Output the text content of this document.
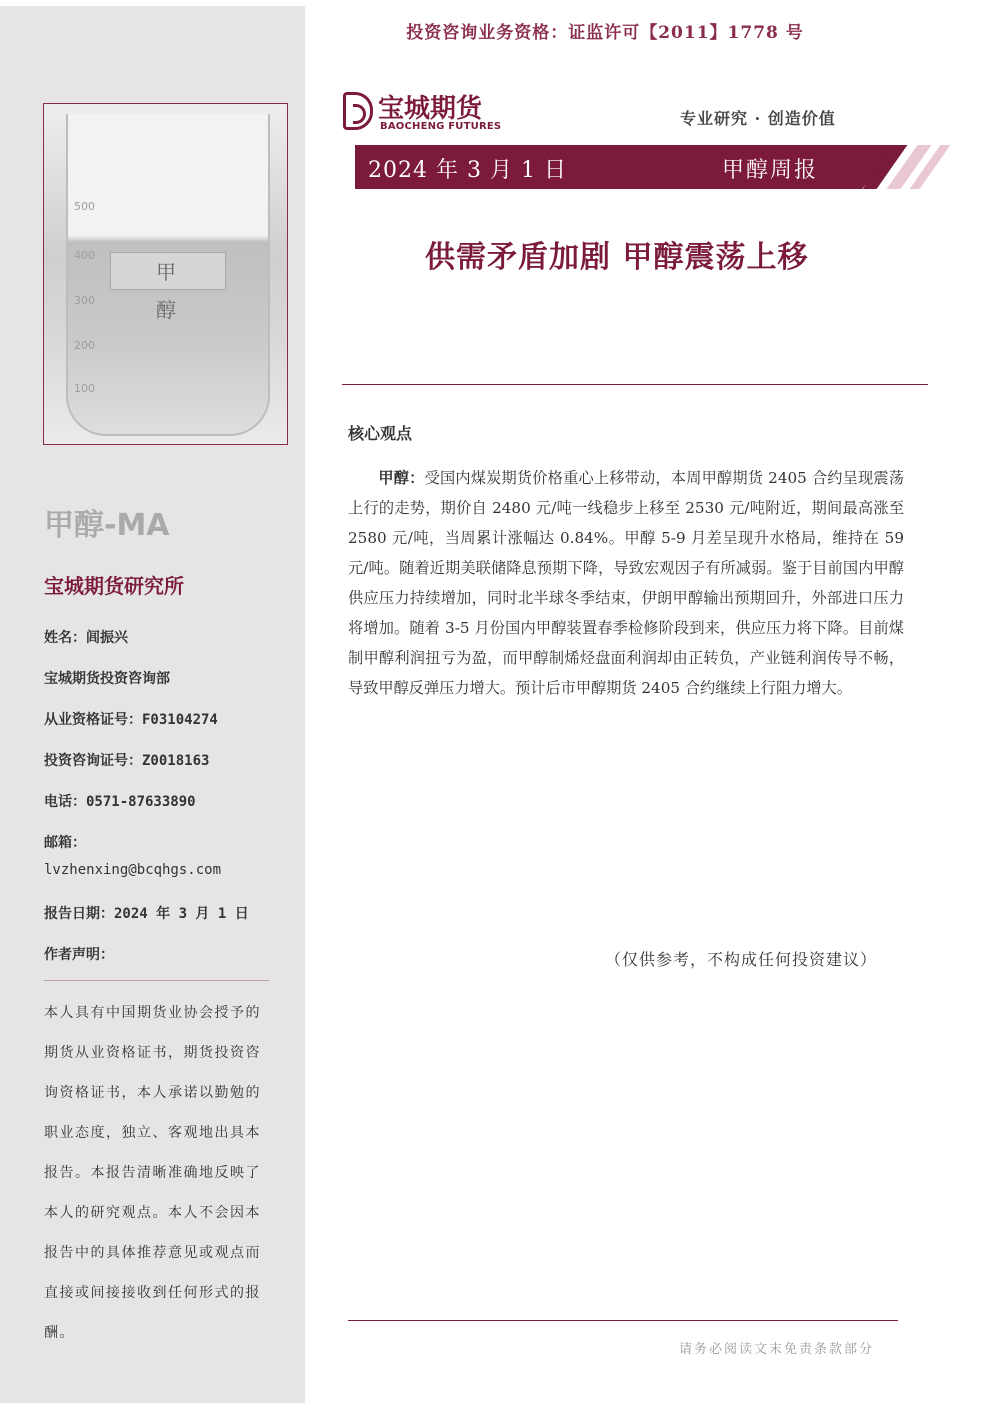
500
400
300
200
100
甲 醇
甲醇-MA
宝城期货研究所
姓名：闾振兴
宝城期货投资咨询部
从业资格证号：F03104274
投资咨询证号：Z0018163
电话：0571-87633890
邮箱：
lvzhenxing@bcqhgs.com
报告日期：2024 年 3 月 1 日
作者声明：
本人具有中国期货业协会授予的期货从业资格证书，期货投资咨询资格证书，本人承诺以勤勉的职业态度，独立、客观地出具本报告。本报告清晰准确地反映了本人的研究观点。本人不会因本报告中的具体推荐意见或观点而直接或间接接收到任何形式的报酬。
投资咨询业务资格：证监许可【2011】1778 号
宝城期货
BAOCHENG FUTURES	专业研究 · 创造价值
2024 年 3 月 1 日	甲醇周报
供需矛盾加剧 甲醇震荡上移
核心观点
甲醇：受国内煤炭期货价格重心上移带动，本周甲醇期货 2405 合约呈现震荡上行的走势，期价自 2480 元/吨一线稳步上移至 2530 元/吨附近，期间最高涨至 2580 元/吨，当周累计涨幅达 0.84%。甲醇 5-9 月差呈现升水格局，维持在 59 元/吨。随着近期美联储降息预期下降，导致宏观因子有所减弱。鉴于目前国内甲醇供应压力持续增加，同时北半球冬季结束，伊朗甲醇输出预期回升，外部进口压力将增加。随着 3-5 月份国内甲醇装置春季检修阶段到来，供应压力将下降。目前煤制甲醇利润扭亏为盈，而甲醇制烯烃盘面利润却由正转负，产业链利润传导不畅，导致甲醇反弹压力增大。预计后市甲醇期货 2405 合约继续上行阻力增大。
（仅供参考，不构成任何投资建议）
请务必阅读文末免责条款部分
